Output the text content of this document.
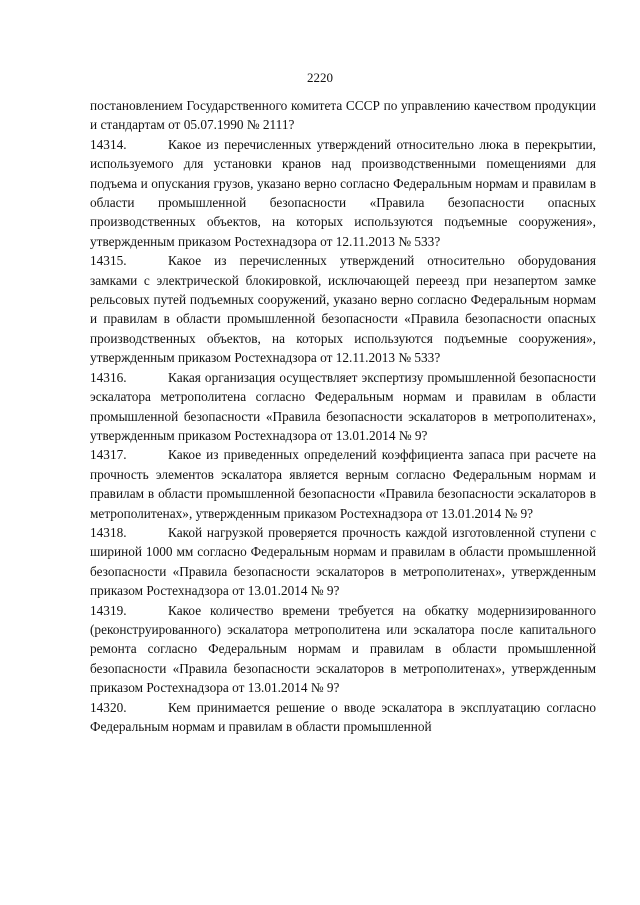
2220

постановлением Государственного комитета СССР по управлению качеством продукции и стандартам от 05.07.1990 № 2111?

14314.	Какое из перечисленных утверждений относительно люка в перекрытии, используемого для установки кранов над производственными помещениями для подъема и опускания грузов, указано верно согласно Федеральным нормам и правилам в области промышленной безопасности «Правила безопасности опасных производственных объектов, на которых используются подъемные сооружения», утвержденным приказом Ростехнадзора от 12.11.2013 № 533?

14315.	Какое из перечисленных утверждений относительно оборудования замками с электрической блокировкой, исключающей переезд при незапертом замке рельсовых путей подъемных сооружений, указано верно согласно Федеральным нормам и правилам в области промышленной безопасности «Правила безопасности опасных производственных объектов, на которых используются подъемные сооружения», утвержденным приказом Ростехнадзора от 12.11.2013 № 533?

14316.	Какая организация осуществляет экспертизу промышленной безопасности эскалатора метрополитена согласно Федеральным нормам и правилам в области промышленной безопасности «Правила безопасности эскалаторов в метрополитенах», утвержденным приказом Ростехнадзора от 13.01.2014 № 9?

14317.	Какое из приведенных определений коэффициента запаса при расчете на прочность элементов эскалатора является верным согласно Федеральным нормам и правилам в области промышленной безопасности «Правила безопасности эскалаторов в метрополитенах», утвержденным приказом Ростехнадзора от 13.01.2014 № 9?

14318.	Какой нагрузкой проверяется прочность каждой изготовленной ступени с шириной 1000 мм согласно Федеральным нормам и правилам в области промышленной безопасности «Правила безопасности эскалаторов в метрополитенах», утвержденным приказом Ростехнадзора от 13.01.2014 № 9?

14319.	Какое количество времени требуется на обкатку модернизированного (реконструированного) эскалатора метрополитена или эскалатора после капитального ремонта согласно Федеральным нормам и правилам в области промышленной безопасности «Правила безопасности эскалаторов в метрополитенах», утвержденным приказом Ростехнадзора от 13.01.2014 № 9?

14320.	Кем принимается решение о вводе эскалатора в эксплуатацию согласно Федеральным нормам и правилам в области промышленной
